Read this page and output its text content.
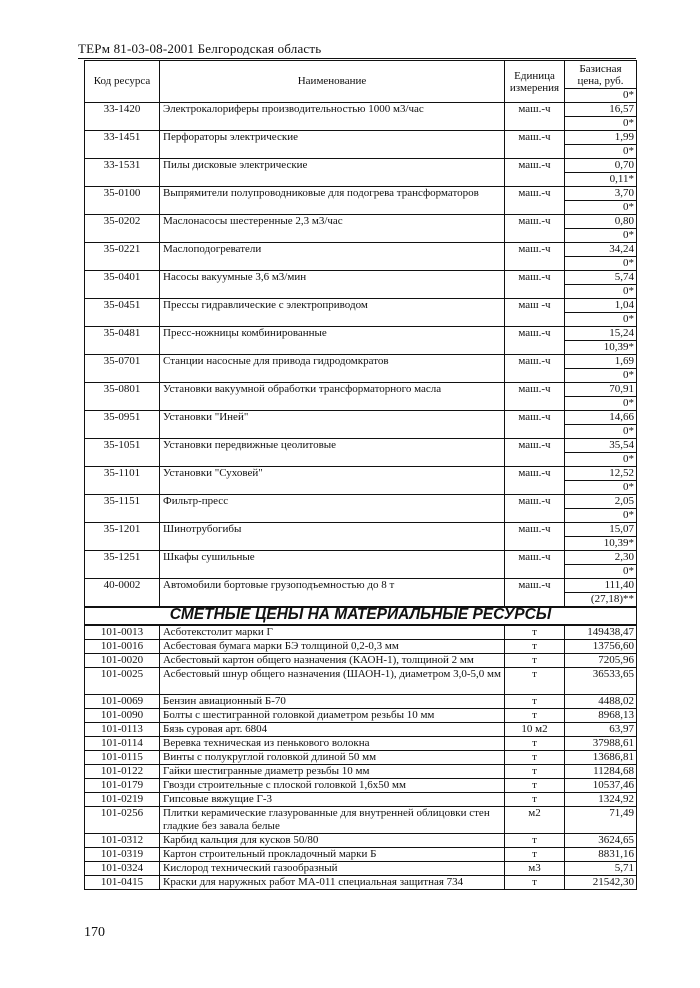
ТЕРм 81-03-08-2001 Белгородская область
Код ресурса	Наименование	Единица измерения	Базисная цена, руб.
			0*
33-1420	Электрокалориферы производительностью 1000 м3/час	маш.-ч	16,57
			0*
33-1451	Перфораторы электрические	маш.-ч	1,99
			0*
33-1531	Пилы дисковые электрические	маш.-ч	0,70
			0,11*
35-0100	Выпрямители полупроводниковые для подогрева трансформаторов	маш.-ч	3,70
			0*
35-0202	Маслонасосы шестеренные 2,3 м3/час	маш.-ч	0,80
			0*
35-0221	Маслоподогреватели	маш.-ч	34,24
			0*
35-0401	Насосы вакуумные 3,6 м3/мин	маш.-ч	5,74
			0*
35-0451	Прессы гидравлические с электроприводом	маш -ч	1,04
			0*
35-0481	Пресс-ножницы комбинированные	маш.-ч	15,24
			10,39*
35-0701	Станции насосные для привода гидродомкратов	маш.-ч	1,69
			0*
35-0801	Установки вакуумной обработки трансформаторного масла	маш.-ч	70,91
			0*
35-0951	Установки "Иней"	маш.-ч	14,66
			0*
35-1051	Установки передвижные цеолитовые	маш.-ч	35,54
			0*
35-1101	Установки "Суховей"	маш.-ч	12,52
			0*
35-1151	Фильтр-пресс	маш.-ч	2,05
			0*
35-1201	Шинотрубогибы	маш.-ч	15,07
			10,39*
35-1251	Шкафы сушильные	маш.-ч	2,30
			0*
40-0002	Автомобили бортовые грузоподъемностью до 8 т	маш.-ч	111,40
			(27,18)**
СМЕТНЫЕ ЦЕНЫ НА МАТЕРИАЛЬНЫЕ РЕСУРСЫ			
101-0013	Асботекстолит марки Г	т	149438,47
101-0016	Асбестовая бумага марки БЭ толщиной 0,2-0,3 мм	т	13756,60
101-0020	Асбестовый картон общего назначения (КАОН-1), толщиной 2 мм	т	7205,96
101-0025	Асбестовый шнур общего назначения (ШАОН-1), диаметром 3,0-5,0 мм	т	36533,65
101-0069	Бензин авиационный Б-70	т	4488,02
101-0090	Болты с шестигранной головкой диаметром резьбы 10 мм	т	8968,13
101-0113	Бязь суровая арт. 6804	10 м2	63,97
101-0114	Веревка техническая из пенькового волокна	т	37988,61
101-0115	Винты с полукруглой головкой длиной 50 мм	т	13686,81
101-0122	Гайки шестигранные диаметр резьбы 10 мм	т	11284,68
101-0179	Гвозди строительные с плоской головкой 1,6х50 мм	т	10537,46
101-0219	Гипсовые вяжущие Г-3	т	1324,92
101-0256	Плитки керамические глазурованные для внутренней облицовки стен гладкие без завала белые	м2	71,49
101-0312	Карбид кальция для кусков 50/80	т	3624,65
101-0319	Картон строительный прокладочный марки Б	т	8831,16
101-0324	Кислород технический газообразный	м3	5,71
101-0415	Краски для наружных работ МА-011 специальная защитная 734	т	21542,30
170
